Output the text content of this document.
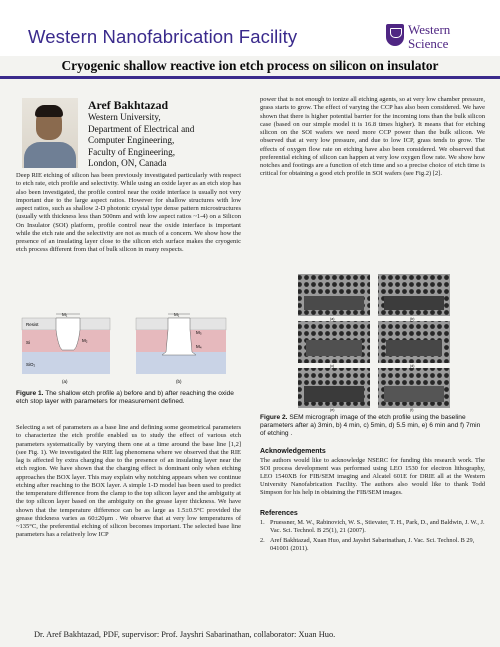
Western Nanofabrication Facility	Western
Science
Cryogenic shallow reactive ion etch process on silicon on insulator
Aref Bakhtazad
Western University,
Department of Electrical and
Computer Engineering,
Faculty of Engineering,
London, ON, Canada
Deep RIE etching of silicon has been previously investigated particularly with respect to etch rate, etch profile and selectivity. While using an oxide layer as an etch stop has also been investigated, the profile control near the oxide interface is usually not very important due to the large aspect ratios. However for shallow structures with low aspect ratios, such as shallow 2-D photonic crystal type dense pattern microstructures (usually with thickness less than 500nm and with low aspect ratios ~1-4) on a Silicon On Insulator (SOI) platform, profile control near the oxide interface is important while the etch rate and the selectivity are not as much of a concern. We show how the presence of an insulating layer close to the silicon etch surface makes the cryogenic etch process different from that of bulk silicon in many respects.
Resist
Si
SiO₂
M₁
M₂
(a)
M₃
M₄
M₁
(b)
Figure 1. The shallow etch profile a) before and b) after reaching the oxide etch stop layer with parameters for measurement defined.
Selecting a set of parameters as a base line and defining some geometrical parameters to characterize the etch profile enabled us to study the effect of various etch parameters systematically by varying them one at a time around the base line [1,2] (see Fig. 1). We investigated the RIE lag phenomena where we observed that the RIE lag is affected by extra charging due to the presence of an insulating layer near the etch region. We have shown that the charging effect is dominant only when etching approaches the BOX layer. This may explain why notching appears when we continue etching after reaching to the BOX layer. A simple 1-D model has been used to predict the temperature difference from the clamp to the top silicon layer and the ambiguity at the top silicon layer based on the ambiguity on the grease layer thickness. We have shown that the temperature difference can be as large as 1.5±0.5°C provided the grease thickness varies as 60±20μm . We observe that at very low temperatures of ~135°C, the preferential etching of silicon becomes important. The selected base line parameters has a relatively low ICP
power that is not enough to ionize all etching agents, so at very low chamber pressure, grass starts to grow. The effect of varying the CCP has also been considered. We have shown that there is higher potential barrier for the incoming ions than the bulk silicon case (based on our simple model it is 16.8 times higher). It means that for etching silicon on the SOI wafers we need more CCP power than the bulk silicon. We observed that at very low pressure, and due to low ICP, grass tends to grow. The effects of oxygen flow rate on etching have also been considered. We observed that preferential etching of silicon can happen at very low oxygen flow rate. We show how notches and footings are a function of etch time and so a precise choice of etch time is critical for obtaining a good etch profile in SOI wafers (see Fig.2) [2].
(a)	(b)
(c)	(d)
(e)	(f)
Figure 2. SEM micrograph image of the etch profile using the baseline parameters after a) 3min, b) 4 min, c) 5min, d) 5.5 min, e) 6 min and f) 7min of etching .
Acknowledgements
The authors would like to acknowledge NSERC for funding this research work. The SOI process development was performed using LEO 1530 for electron lithography, LEO 1540XB for FIB/SEM imaging and Alcatel 601E for DRIE all at the Western University Nanofabrication Facility. The authors also would like to thank Todd Simpson for his help in obtaining the FIB/SEM images.
References
1. Pruessner, M. W., Rabinovich, W. S., Stievater, T. H., Park, D., and Baldwin, J. W., J. Vac. Sci. Technol. B 25(1), 21 (2007).
2. Aref Bakhtazad, Xuan Huo, and Jayshri Sabarinathan, J. Vac. Sci. Technol. B 29, 041001 (2011).
Dr. Aref Bakhtazad, PDF, supervisor: Prof. Jayshri Sabarinathan, collaborator: Xuan Huo.
